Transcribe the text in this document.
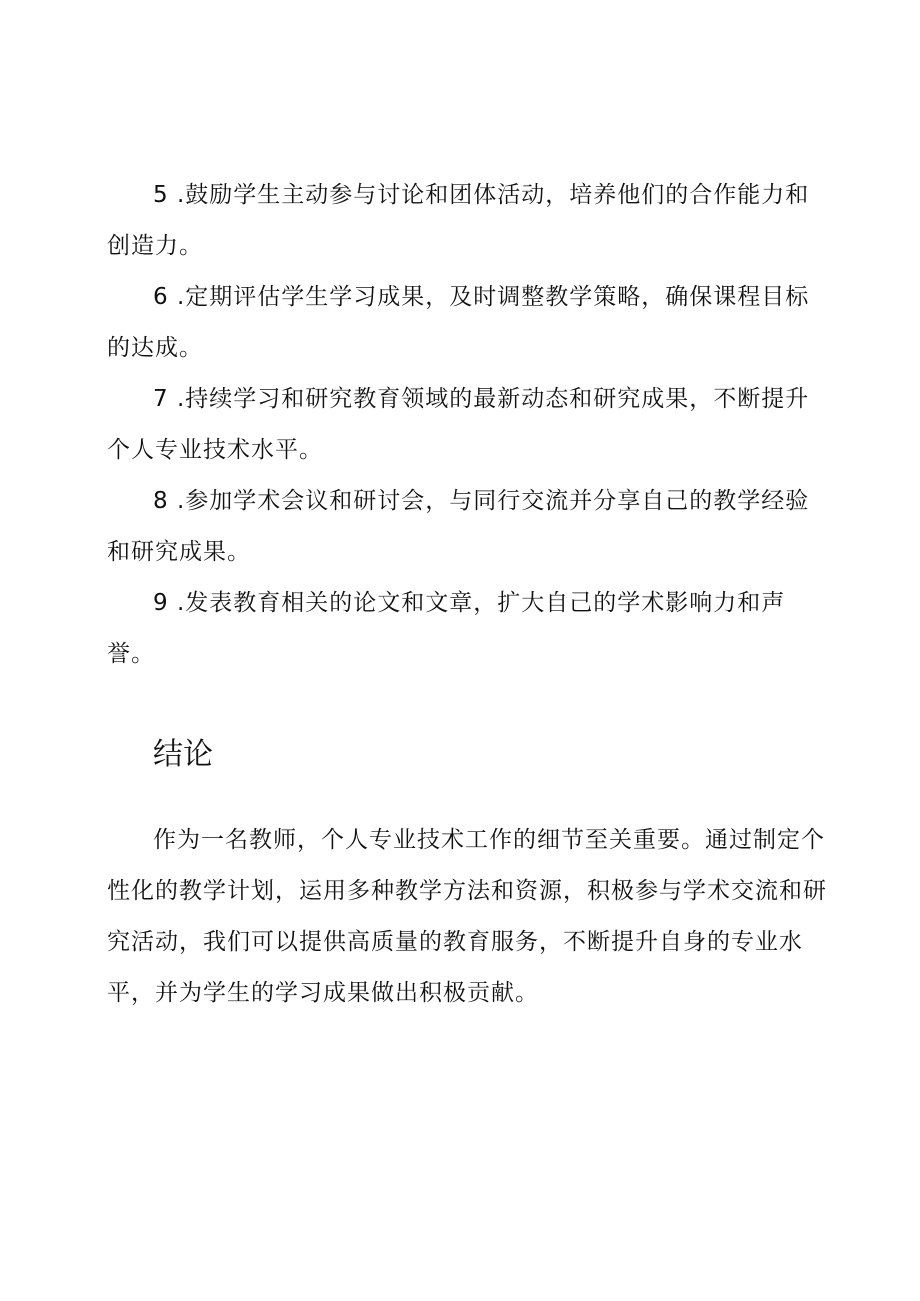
5 .鼓励学生主动参与讨论和团体活动，培养他们的合作能力和创造力。

6 .定期评估学生学习成果，及时调整教学策略，确保课程目标的达成。

7 .持续学习和研究教育领域的最新动态和研究成果，不断提升个人专业技术水平。

8 .参加学术会议和研讨会，与同行交流并分享自己的教学经验和研究成果。

9 .发表教育相关的论文和文章，扩大自己的学术影响力和声誉。

结论

作为一名教师，个人专业技术工作的细节至关重要。通过制定个性化的教学计划，运用多种教学方法和资源，积极参与学术交流和研究活动，我们可以提供高质量的教育服务，不断提升自身的专业水平，并为学生的学习成果做出积极贡献。
